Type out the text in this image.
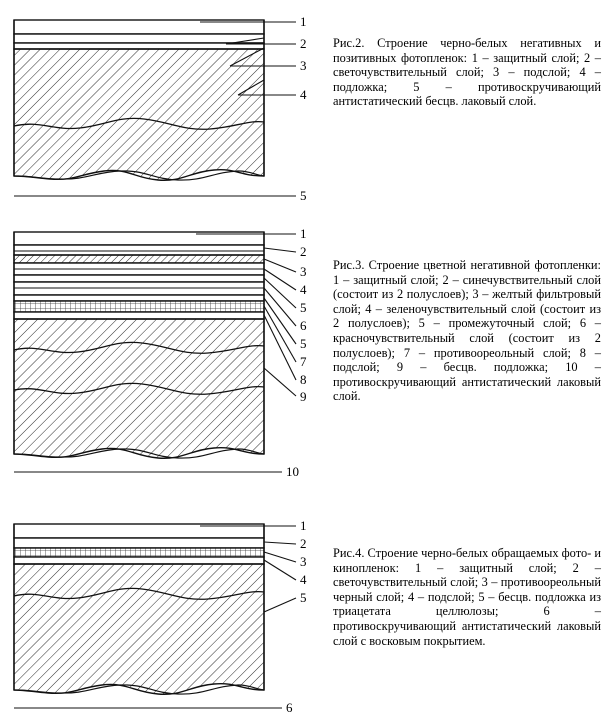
1
2
3
4
5
Рис.2. Строение черно-белых негативных и позитивных фотопленок: 1 – защитный слой; 2 – светочувствительный слой; 3 – подслой; 4 – подложка; 5 – противоскручивающий антистатический бесцв. лаковый слой.
1
2
3
4
5
6
5
7
8
9
10
Рис.3. Строение цветной негативной фотопленки: 1 – защитный слой; 2 – синечувствительный слой (состоит из 2 полуслоев); 3 – желтый фильтровый слой; 4 – зеленочувствительный слой (состоит из 2 полуслоев); 5 – промежуточный слой; 6 – красночувствительный слой (состоит из 2 полуслоев); 7 – противоореольный слой; 8 – подслой; 9 – бесцв. подложка; 10 – противоскручивающий антистатический лаковый слой.
1
2
3
4
5
6
Рис.4. Строение черно-белых обращаемых фото- и кинопленок: 1 – защитный слой; 2 – светочувствительный слой; 3 – противоореольный черный слой; 4 – подслой; 5 – бесцв. подложка из триацетата целлюлозы; 6 – противоскручивающий антистатический лаковый слой с восковым покрытием.
